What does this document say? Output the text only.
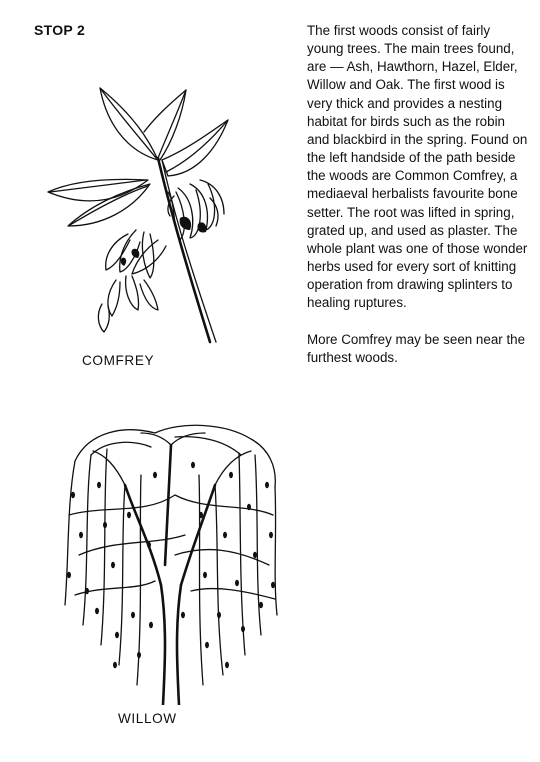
STOP 2	The first woods consist of fairly young trees. The main trees found, are — Ash, Hawthorn, Hazel, Elder, Willow and Oak. The first wood is very thick and provides a nesting habitat for birds such as the robin and blackbird in the spring. Found on the left handside of the path beside the woods are Common Comfrey, a mediaeval herbalists favourite bone setter. The root was lifted in spring, grated up, and used as plaster. The whole plant was one of those wonder herbs used for every sort of knitting operation from drawing splinters to healing ruptures.

More Comfrey may be seen near the furthest woods.

COMFREY
WILLOW
